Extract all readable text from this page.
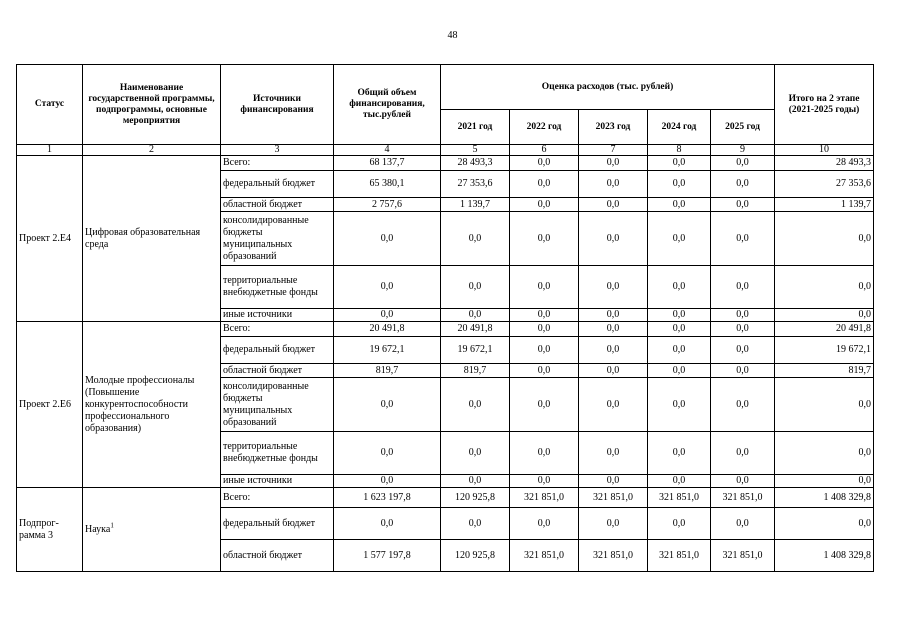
48
Статус	Наименование государственной программы, подпрограммы, основные мероприятия	Источники финансирования	Общий объем финансирования, тыс.рублей	Оценка расходов (тыс. рублей)					Итого на 2 этапе (2021-2025 годы)
				2021 год	2022 год	2023 год	2024 год	2025 год	
1	2	3	4	5	6	7	8	9	10
Проект 2.Е4	Цифровая образовательная среда	Всего:	68 137,7	28 493,3	0,0	0,0	0,0	0,0	28 493,3
		федеральный бюджет	65 380,1	27 353,6	0,0	0,0	0,0	0,0	27 353,6
		областной бюджет	2 757,6	1 139,7	0,0	0,0	0,0	0,0	1 139,7
		консолидированные бюджеты муниципальных образований	0,0	0,0	0,0	0,0	0,0	0,0	0,0
		территориальные внебюджетные фонды	0,0	0,0	0,0	0,0	0,0	0,0	0,0
		иные источники	0,0	0,0	0,0	0,0	0,0	0,0	0,0
Проект 2.Е6	Молодые профессионалы (Повышение конкурентоспособности профессионального образования)	Всего:	20 491,8	20 491,8	0,0	0,0	0,0	0,0	20 491,8
		федеральный бюджет	19 672,1	19 672,1	0,0	0,0	0,0	0,0	19 672,1
		областной бюджет	819,7	819,7	0,0	0,0	0,0	0,0	819,7
		консолидированные бюджеты муниципальных образований	0,0	0,0	0,0	0,0	0,0	0,0	0,0
		территориальные внебюджетные фонды	0,0	0,0	0,0	0,0	0,0	0,0	0,0
		иные источники	0,0	0,0	0,0	0,0	0,0	0,0	0,0
Подпрог-рамма 3	Наука$^1$	Всего:	1 623 197,8	120 925,8	321 851,0	321 851,0	321 851,0	321 851,0	1 408 329,8
		федеральный бюджет	0,0	0,0	0,0	0,0	0,0	0,0	0,0
		областной бюджет	1 577 197,8	120 925,8	321 851,0	321 851,0	321 851,0	321 851,0	1 408 329,8
